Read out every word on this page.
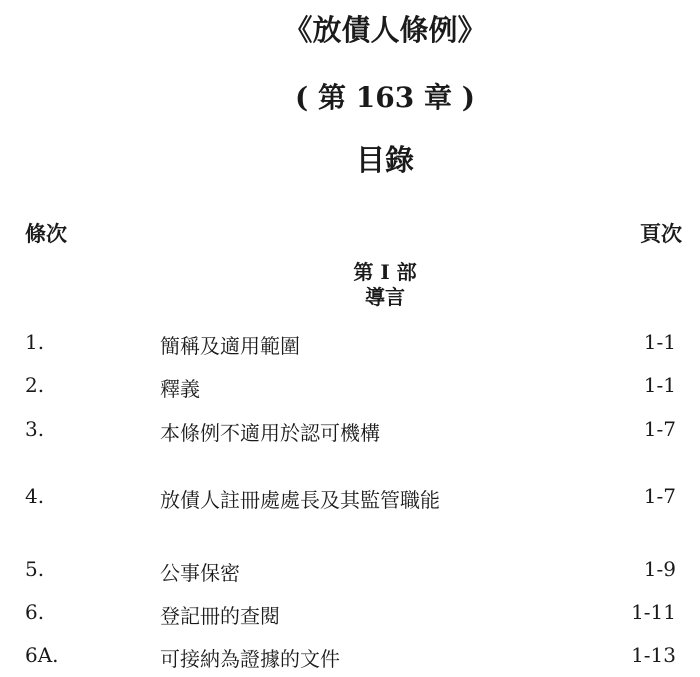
《放債人條例》
( 第 163 章 )
目錄
條次	頁次
第 I 部
導言
1.	簡稱及適用範圍	1-1
2.	釋義	1-1
3.	本條例不適用於認可機構	1-7
4.	放債人註冊處處長及其監管職能	1-7
5.	公事保密	1-9
6.	登記冊的查閱	1-11
6A.	可接納為證據的文件	1-13
